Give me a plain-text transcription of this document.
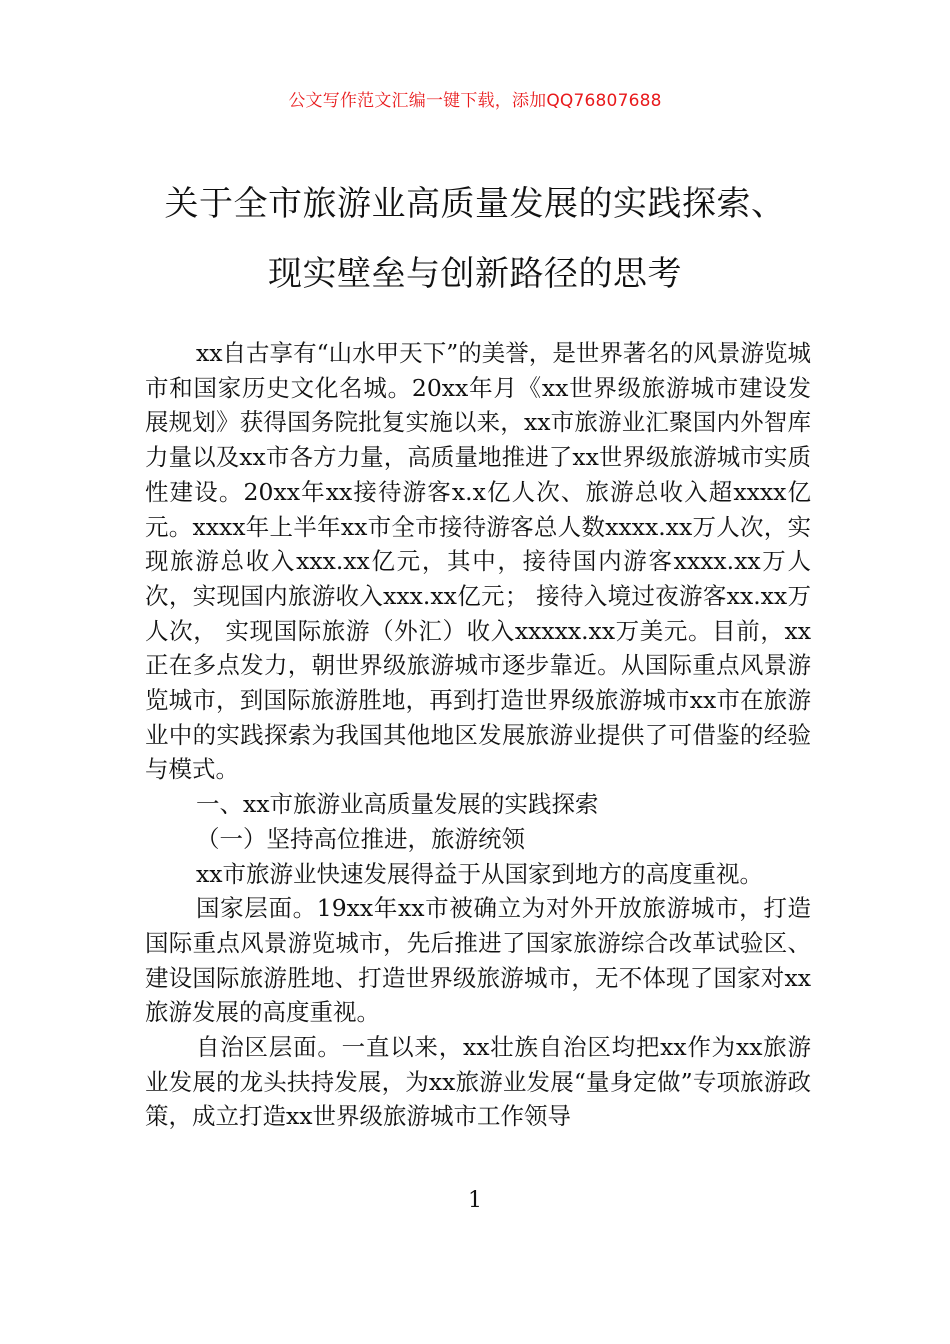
公文写作范文汇编一键下载，添加QQ76807688
关于全市旅游业高质量发展的实践探索、
现实壁垒与创新路径的思考

xx自古享有“山水甲天下”的美誉，是世界著名的风景游览城市和国家历史文化名城。20xx年月《xx世界级旅游城市建设发展规划》获得国务院批复实施以来，xx市旅游业汇聚国内外智库力量以及xx市各方力量，高质量地推进了xx世界级旅游城市实质性建设。20xx年xx接待游客x.x亿人次、旅游总收入超xxxx亿元。xxxx年上半年xx市全市接待游客总人数xxxx.xx万人次，实现旅游总收入xxx.xx亿元，其中，接待国内游客xxxx.xx万人次，实现国内旅游收入xxx.xx亿元； 接待入境过夜游客xx.xx万人次， 实现国际旅游（外汇）收入xxxxx.xx万美元。目前，xx正在多点发力，朝世界级旅游城市逐步靠近。从国际重点风景游览城市，到国际旅游胜地，再到打造世界级旅游城市xx市在旅游业中的实践探索为我国其他地区发展旅游业提供了可借鉴的经验与模式。

一、xx市旅游业高质量发展的实践探索

（一）坚持高位推进，旅游统领

xx市旅游业快速发展得益于从国家到地方的高度重视。

国家层面。19xx年xx市被确立为对外开放旅游城市，打造国际重点风景游览城市，先后推进了国家旅游综合改革试验区、建设国际旅游胜地、打造世界级旅游城市，无不体现了国家对xx旅游发展的高度重视。

自治区层面。一直以来，xx壮族自治区均把xx作为xx旅游业发展的龙头扶持发展，为xx旅游业发展“量身定做”专项旅游政策，成立打造xx世界级旅游城市工作领导

1
